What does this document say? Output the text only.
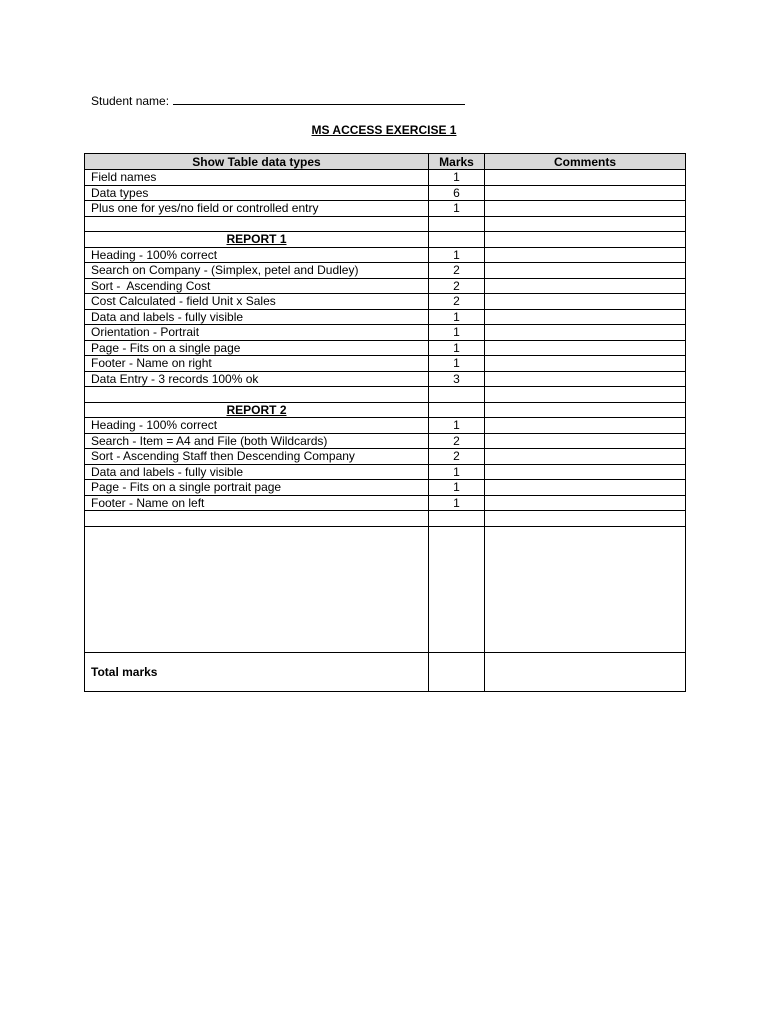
Student name:
MS ACCESS EXERCISE 1
Show Table data types	Marks	Comments
Field names	1	
Data types	6	
Plus one for yes/no field or controlled entry	1	

REPORT 1		
Heading - 100% correct	1	
Search on Company - (Simplex, petel and Dudley)	2	
Sort -  Ascending Cost	2	
Cost Calculated - field Unit x Sales	2	
Data and labels - fully visible	1	
Orientation - Portrait	1	
Page - Fits on a single page	1	
Footer - Name on right	1	
Data Entry - 3 records 100% ok	3	

REPORT 2		
Heading - 100% correct	1	
Search - Item = A4 and File (both Wildcards)	2	
Sort - Ascending Staff then Descending Company	2	
Data and labels - fully visible	1	
Page - Fits on a single portrait page	1	
Footer - Name on left	1	

Total marks		
